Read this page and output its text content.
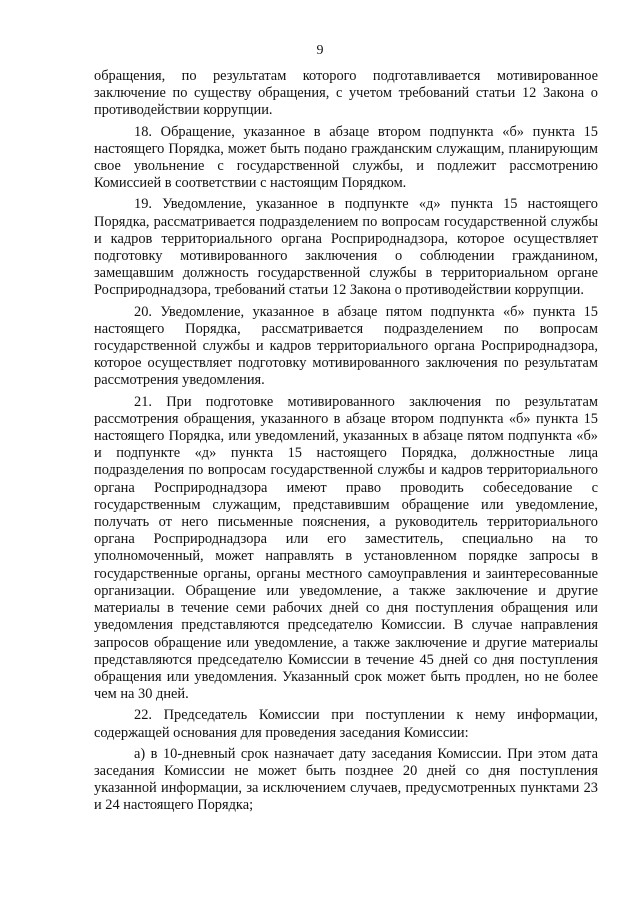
9

обращения, по результатам которого подготавливается мотивированное заключение по существу обращения, с учетом требований статьи 12 Закона о противодействии коррупции.

18. Обращение, указанное в абзаце втором подпункта «б» пункта 15 настоящего Порядка, может быть подано гражданским служащим, планирующим свое увольнение с государственной службы, и подлежит рассмотрению Комиссией в соответствии с настоящим Порядком.

19. Уведомление, указанное в подпункте «д» пункта 15 настоящего Порядка, рассматривается подразделением по вопросам государственной службы и кадров территориального органа Росприроднадзора, которое осуществляет подготовку мотивированного заключения о соблюдении гражданином, замещавшим должность государственной службы в территориальном органе Росприроднадзора, требований статьи 12 Закона о противодействии коррупции.

20. Уведомление, указанное в абзаце пятом подпункта «б» пункта 15 настоящего Порядка, рассматривается подразделением по вопросам государственной службы и кадров территориального органа Росприроднадзора, которое осуществляет подготовку мотивированного заключения по результатам рассмотрения уведомления.

21. При подготовке мотивированного заключения по результатам рассмотрения обращения, указанного в абзаце втором подпункта «б» пункта 15 настоящего Порядка, или уведомлений, указанных в абзаце пятом подпункта «б» и подпункте «д» пункта 15 настоящего Порядка, должностные лица подразделения по вопросам государственной службы и кадров территориального органа Росприроднадзора имеют право проводить собеседование с государственным служащим, представившим обращение или уведомление, получать от него письменные пояснения, а руководитель территориального органа Росприроднадзора или его заместитель, специально на то уполномоченный, может направлять в установленном порядке запросы в государственные органы, органы местного самоуправления и заинтересованные организации. Обращение или уведомление, а также заключение и другие материалы в течение семи рабочих дней со дня поступления обращения или уведомления представляются председателю Комиссии. В случае направления запросов обращение или уведомление, а также заключение и другие материалы представляются председателю Комиссии в течение 45 дней со дня поступления обращения или уведомления. Указанный срок может быть продлен, но не более чем на 30 дней.

22. Председатель Комиссии при поступлении к нему информации, содержащей основания для проведения заседания Комиссии:

а) в 10-дневный срок назначает дату заседания Комиссии. При этом дата заседания Комиссии не может быть позднее 20 дней со дня поступления указанной информации, за исключением случаев, предусмотренных пунктами 23 и 24 настоящего Порядка;
